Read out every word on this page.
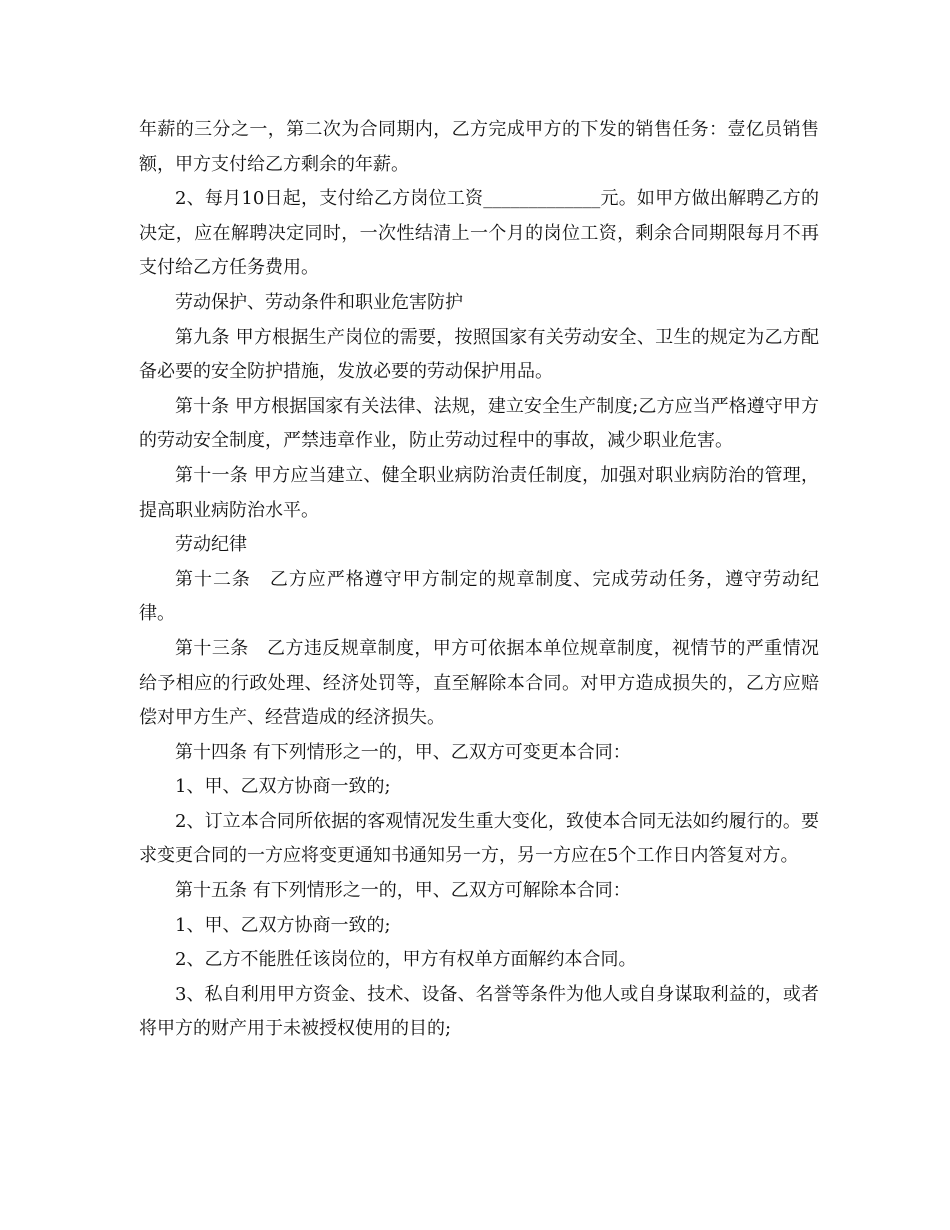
年薪的三分之一，第二次为合同期内，乙方完成甲方的下发的销售任务：壹亿员销售额，甲方支付给乙方剩余的年薪。

2、每月10日起，支付给乙方岗位工资_____________元。如甲方做出解聘乙方的决定，应在解聘决定同时，一次性结清上一个月的岗位工资，剩余合同期限每月不再支付给乙方任务费用。

劳动保护、劳动条件和职业危害防护

第九条 甲方根据生产岗位的需要，按照国家有关劳动安全、卫生的规定为乙方配备必要的安全防护措施，发放必要的劳动保护用品。

第十条 甲方根据国家有关法律、法规，建立安全生产制度;乙方应当严格遵守甲方的劳动安全制度，严禁违章作业，防止劳动过程中的事故，减少职业危害。

第十一条 甲方应当建立、健全职业病防治责任制度，加强对职业病防治的管理，提高职业病防治水平。

劳动纪律

第十二条　乙方应严格遵守甲方制定的规章制度、完成劳动任务，遵守劳动纪律。

第十三条　乙方违反规章制度，甲方可依据本单位规章制度，视情节的严重情况给予相应的行政处理、经济处罚等，直至解除本合同。对甲方造成损失的，乙方应赔偿对甲方生产、经营造成的经济损失。

第十四条 有下列情形之一的，甲、乙双方可变更本合同：

1、甲、乙双方协商一致的;

2、订立本合同所依据的客观情况发生重大变化，致使本合同无法如约履行的。要求变更合同的一方应将变更通知书通知另一方，另一方应在5个工作日内答复对方。

第十五条 有下列情形之一的，甲、乙双方可解除本合同：

1、甲、乙双方协商一致的;

2、乙方不能胜任该岗位的，甲方有权单方面解约本合同。

3、私自利用甲方资金、技术、设备、名誉等条件为他人或自身谋取利益的，或者将甲方的财产用于未被授权使用的目的;
